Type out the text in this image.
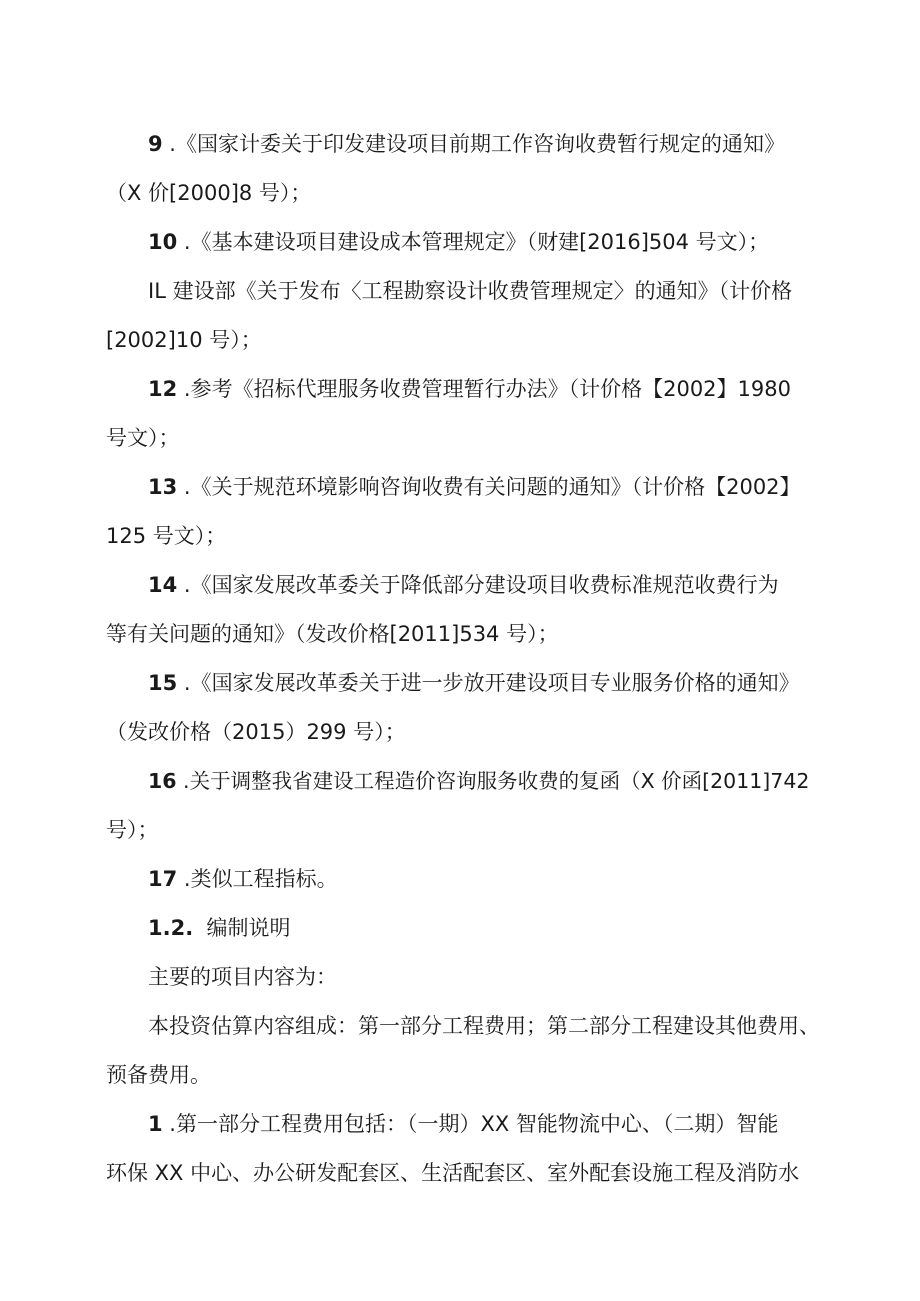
9 .《国家计委关于印发建设项目前期工作咨询收费暂行规定的通知》
（X 价[2000]8 号）；
10 .《基本建设项目建设成本管理规定》（财建[2016]504 号文）；
IL 建设部《关于发布〈工程勘察设计收费管理规定〉的通知》（计价格
[2002]10 号）；
12 .参考《招标代理服务收费管理暂行办法》（计价格【2002】1980
号文）；
13 .《关于规范环境影响咨询收费有关问题的通知》（计价格【2002】
125 号文）；
14 .《国家发展改革委关于降低部分建设项目收费标准规范收费行为
等有关问题的通知》（发改价格[2011]534 号）；
15 .《国家发展改革委关于进一步放开建设项目专业服务价格的通知》
（发改价格（2015）299 号）；
16 .关于调整我省建设工程造价咨询服务收费的复函（X 价函[2011]742
号）；
17 .类似工程指标。
1.2. 编制说明
主要的项目内容为：
本投资估算内容组成：第一部分工程费用；第二部分工程建设其他费用、
预备费用。
1 .第一部分工程费用包括：（一期）XX 智能物流中心、（二期）智能
环保 XX 中心、办公研发配套区、生活配套区、室外配套设施工程及消防水
